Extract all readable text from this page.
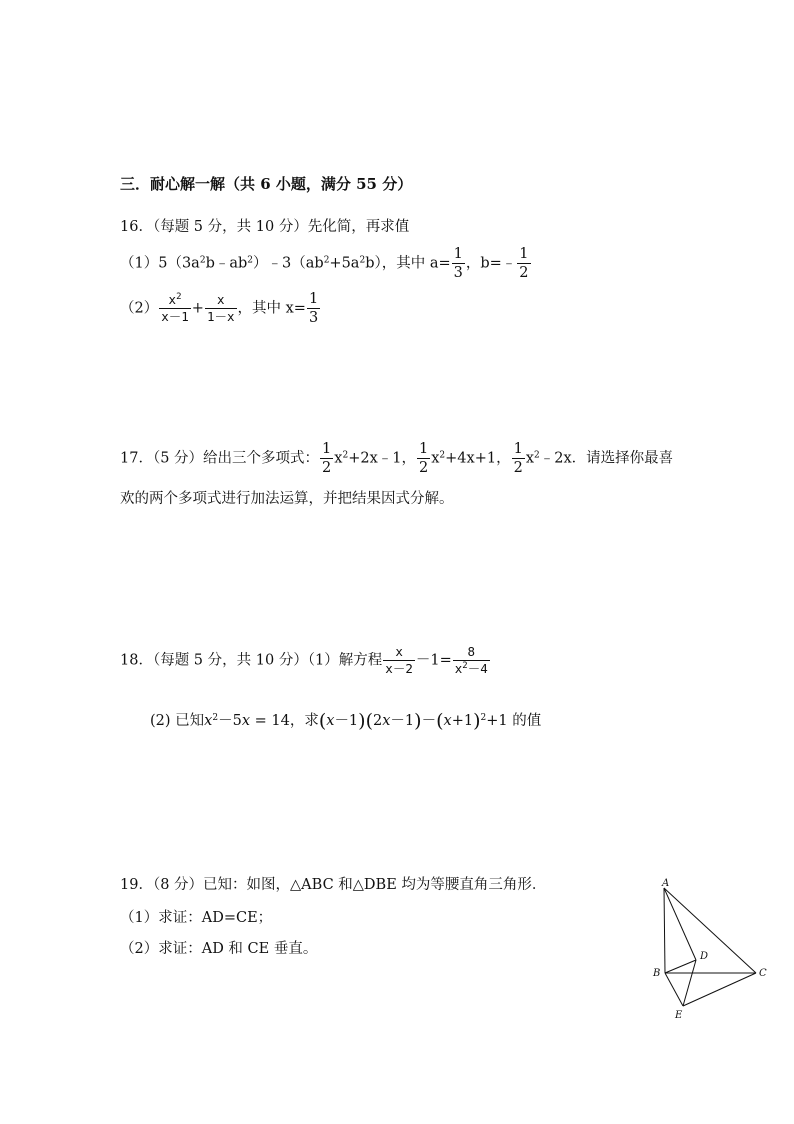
三．耐心解一解（共 6 小题，满分 55 分）
16．（每题 5 分，共 10 分）先化简，再求值
$(1)5(3a^2b﹣ab^2)﹣3(ab^2+5a^2b)$，其中 $a= \frac{1}{3}$ ，b=﹣ $\frac{1}{2}$
$(2) \frac{x^2}{x-1} + \frac{x}{1-x}$ ，其中 $x= \frac{1}{3}$
17．（5 分）给出三个多项式： $\frac{1}{2}$ $x^2+2x﹣1$， $\frac{1}{2} x^2+4x+1$， $\frac{1}{2}$ $x^2﹣2x$．请选择你最喜
欢的两个多项式进行加法运算，并把结果因式分解。
18．（每题 5 分，共 10 分）（1）解方程 $\frac{x}{x-2} -1= \frac{8}{x^2-4}$
(2) 已知$x^2-5x = 14$，求$(x-1)(2x-1)-(x+1)^2+1$ 的值
19．（8 分）已知：如图，△ABC 和△DBE 均为等腰直角三角形．
（1）求证：AD=CE；
（2）求证：AD 和 CE 垂直。
A
B	C
D
E
